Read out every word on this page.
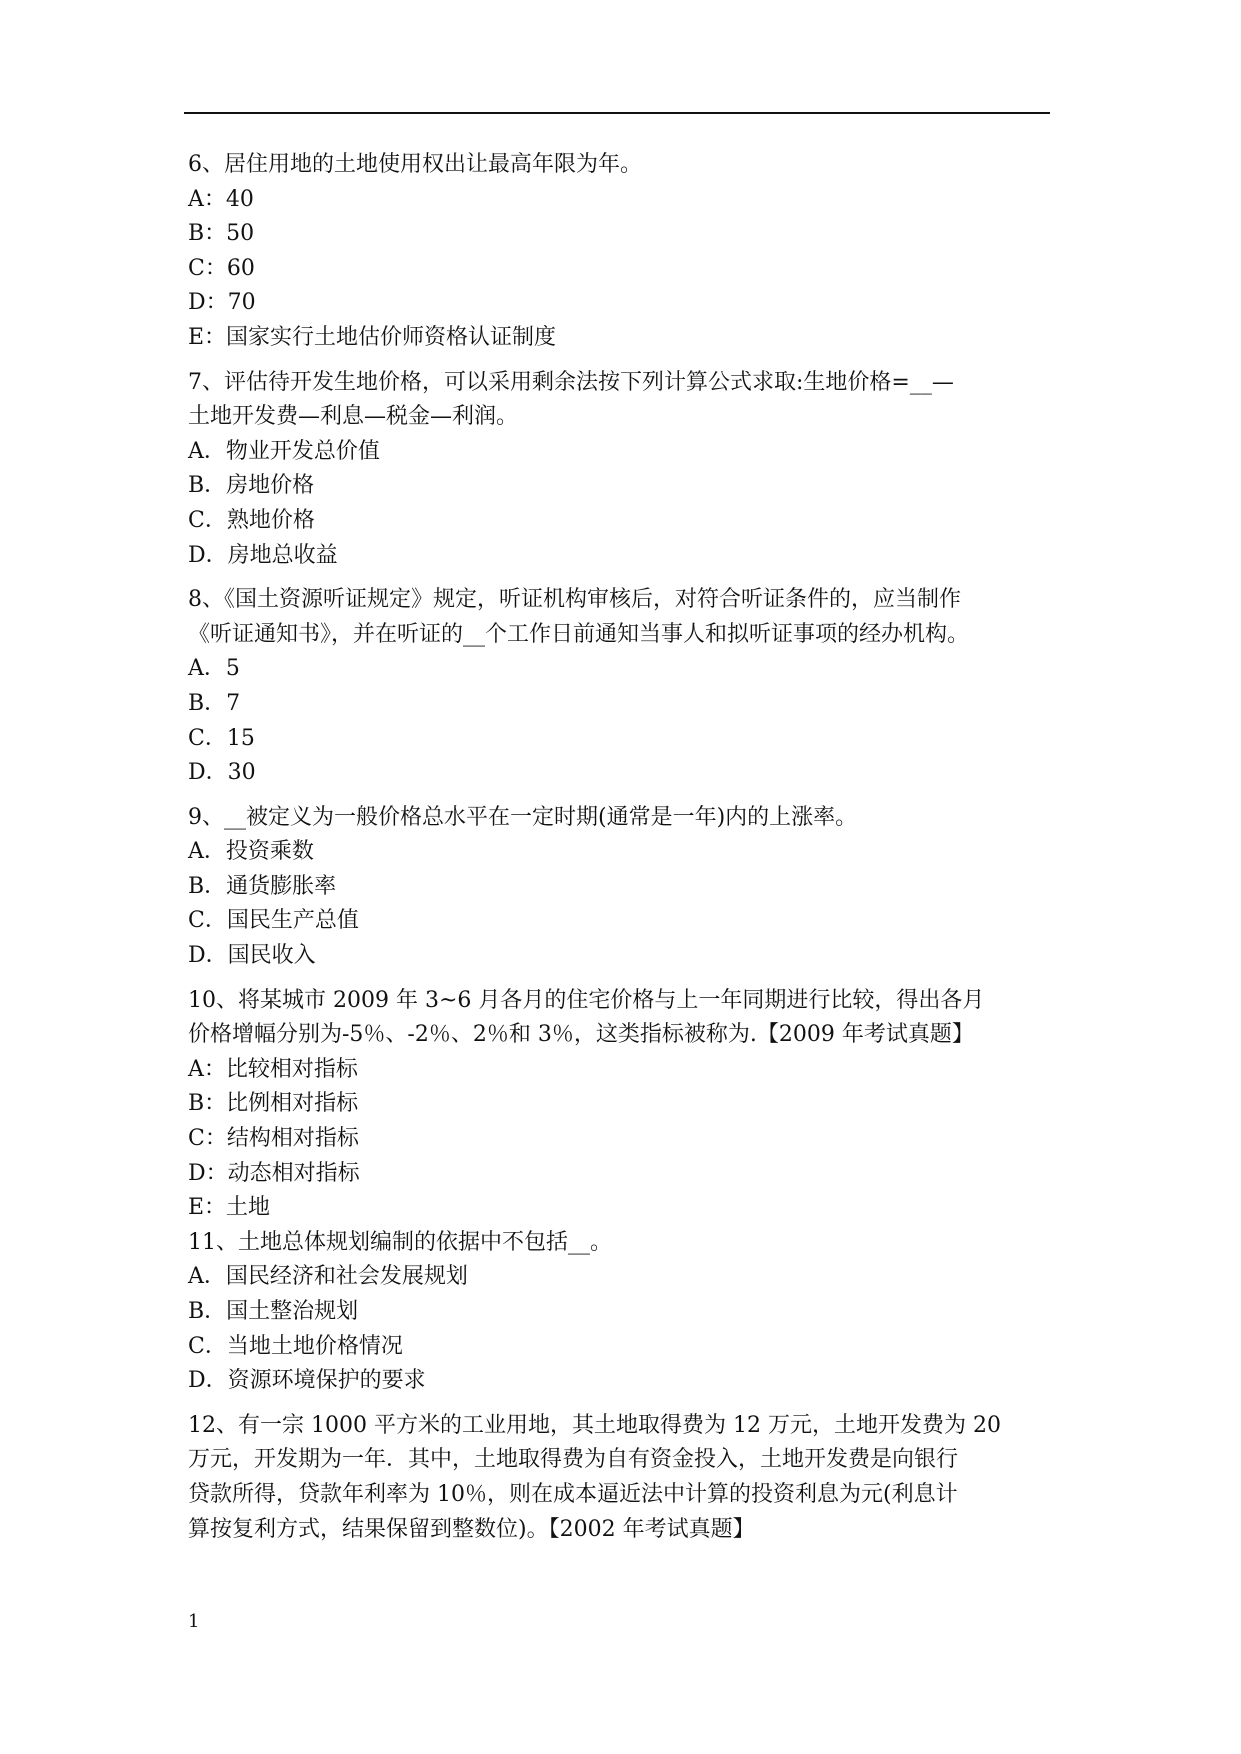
6、居住用地的土地使用权出让最高年限为年。
A：40
B：50
C：60
D：70
E：国家实行土地估价师资格认证制度
7、评估待开发生地价格，可以采用剩余法按下列计算公式求取:生地价格=__—
土地开发费—利息—税金—利润。
A．物业开发总价值
B．房地价格
C．熟地价格
D．房地总收益
8、《国土资源听证规定》规定，听证机构审核后，对符合听证条件的，应当制作
《听证通知书》，并在听证的__个工作日前通知当事人和拟听证事项的经办机构。
A．5
B．7
C．15
D．30
9、__被定义为一般价格总水平在一定时期(通常是一年)内的上涨率。
A．投资乘数
B．通货膨胀率
C．国民生产总值
D．国民收入
10、将某城市 2009 年 3~6 月各月的住宅价格与上一年同期进行比较，得出各月
价格增幅分别为-5％、-2％、2％和 3％，这类指标被称为.【2009 年考试真题】
A：比较相对指标
B：比例相对指标
C：结构相对指标
D：动态相对指标
E：土地
11、土地总体规划编制的依据中不包括__。
A．国民经济和社会发展规划
B．国土整治规划
C．当地土地价格情况
D．资源环境保护的要求
12、有一宗 1000 平方米的工业用地，其土地取得费为 12 万元，土地开发费为 20
万元，开发期为一年．其中，土地取得费为自有资金投入，土地开发费是向银行
贷款所得，贷款年利率为 10％，则在成本逼近法中计算的投资利息为元(利息计
算按复利方式，结果保留到整数位)。【2002 年考试真题】
1
